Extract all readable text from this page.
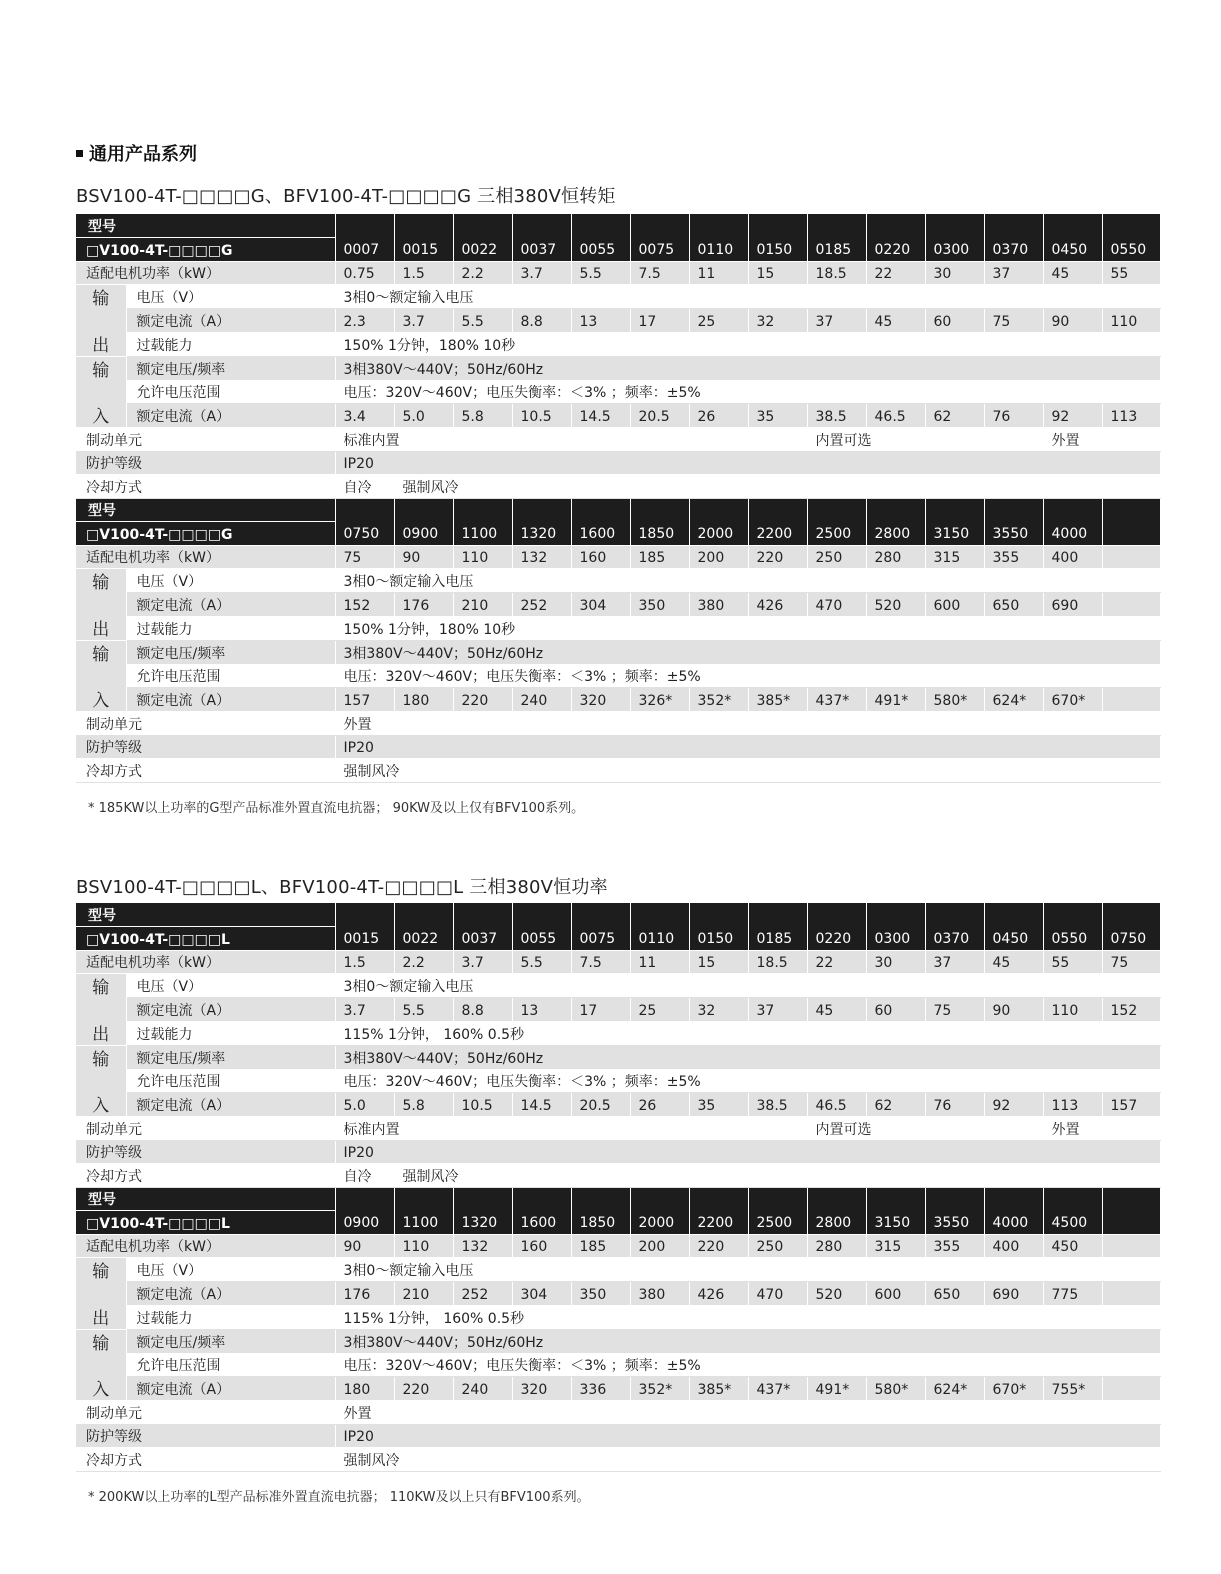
通用产品系列
BSV100-4T-□□□□G、BFV100-4T-□□□□G 三相380V恒转矩
型号		0007	0015	0022	0037	0055	0075	0110	0150	0185	0220	0300	0370	0450	0550
□V100-4T-□□□□G															
适配电机功率（kW）		0.75	1.5	2.2	3.7	5.5	7.5	11	15	18.5	22	30	37	45	55

输
出	电压（V）	3相0～额定输入电压													
	额定电流（A）	2.3	3.7	5.5	8.8	13	17	25	32	37	45	60	75	90	110
	过载能力	150% 1分钟，180% 10秒													

输
入	额定电压/频率	3相380V～440V；50Hz/60Hz													
	允许电压范围	电压：320V～460V；电压失衡率：＜3% ；频率：±5%													
	额定电流（A）	3.4	5.0	5.8	10.5	14.5	20.5	26	35	38.5	46.5	62	76	92	113
制动单元		标准内置								内置可选				外置	
防护等级		IP20													
冷却方式		自冷	强制风冷												
型号		0750	0900	1100	1320	1600	1850	2000	2200	2500	2800	3150	3550	4000	
□V100-4T-□□□□G															
适配电机功率（kW）		75	90	110	132	160	185	200	220	250	280	315	355	400	

输
出	电压（V）	3相0～额定输入电压													
	额定电流（A）	152	176	210	252	304	350	380	426	470	520	600	650	690	
	过载能力	150% 1分钟，180% 10秒													

输
入	额定电压/频率	3相380V～440V；50Hz/60Hz													
	允许电压范围	电压：320V～460V；电压失衡率：＜3% ；频率：±5%													
	额定电流（A）	157	180	220	240	320	326*	352*	385*	437*	491*	580*	624*	670*	
制动单元		外置													
防护等级		IP20													
冷却方式		强制风冷													
* 185KW以上功率的G型产品标准外置直流电抗器； 90KW及以上仅有BFV100系列。
BSV100-4T-□□□□L、BFV100-4T-□□□□L 三相380V恒功率
型号		0015	0022	0037	0055	0075	0110	0150	0185	0220	0300	0370	0450	0550	0750
□V100-4T-□□□□L															
适配电机功率（kW）		1.5	2.2	3.7	5.5	7.5	11	15	18.5	22	30	37	45	55	75

输
出	电压（V）	3相0～额定输入电压													
	额定电流（A）	3.7	5.5	8.8	13	17	25	32	37	45	60	75	90	110	152
	过载能力	115% 1分钟， 160% 0.5秒													

输
入	额定电压/频率	3相380V～440V；50Hz/60Hz													
	允许电压范围	电压：320V～460V；电压失衡率：＜3% ；频率：±5%													
	额定电流（A）	5.0	5.8	10.5	14.5	20.5	26	35	38.5	46.5	62	76	92	113	157
制动单元		标准内置								内置可选				外置	
防护等级		IP20													
冷却方式		自冷	强制风冷												
型号		0900	1100	1320	1600	1850	2000	2200	2500	2800	3150	3550	4000	4500	
□V100-4T-□□□□L															
适配电机功率（kW）		90	110	132	160	185	200	220	250	280	315	355	400	450	

输
出	电压（V）	3相0～额定输入电压													
	额定电流（A）	176	210	252	304	350	380	426	470	520	600	650	690	775	
	过载能力	115% 1分钟， 160% 0.5秒													

输
入	额定电压/频率	3相380V～440V；50Hz/60Hz													
	允许电压范围	电压：320V～460V；电压失衡率：＜3% ；频率：±5%													
	额定电流（A）	180	220	240	320	336	352*	385*	437*	491*	580*	624*	670*	755*	
制动单元		外置													
防护等级		IP20													
冷却方式		强制风冷													
* 200KW以上功率的L型产品标准外置直流电抗器； 110KW及以上只有BFV100系列。
